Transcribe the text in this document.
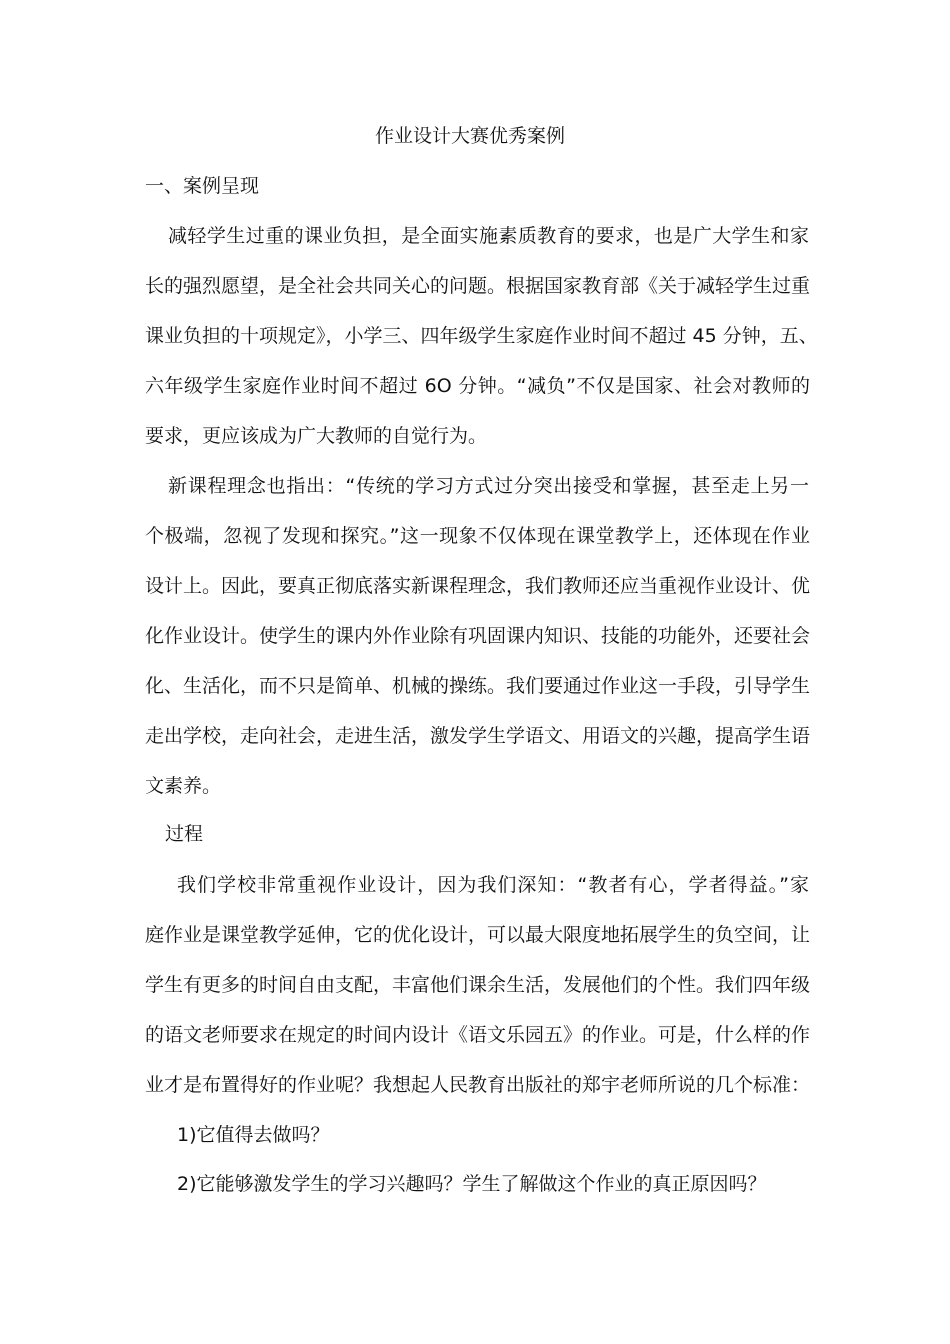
作业设计大赛优秀案例
一、案例呈现
减轻学生过重的课业负担，是全面实施素质教育的要求，也是广大学生和家
长的强烈愿望，是全社会共同关心的问题。根据国家教育部《关于减轻学生过重
课业负担的十项规定》，小学三、四年级学生家庭作业时间不超过 45 分钟，五、
六年级学生家庭作业时间不超过 6O 分钟。“减负”不仅是国家、社会对教师的
要求，更应该成为广大教师的自觉行为。
新课程理念也指出：“传统的学习方式过分突出接受和掌握，甚至走上另一
个极端，忽视了发现和探究。”这一现象不仅体现在课堂教学上，还体现在作业
设计上。因此，要真正彻底落实新课程理念，我们教师还应当重视作业设计、优
化作业设计。使学生的课内外作业除有巩固课内知识、技能的功能外，还要社会
化、生活化，而不只是简单、机械的操练。我们要通过作业这一手段，引导学生
走出学校，走向社会，走进生活，激发学生学语文、用语文的兴趣，提高学生语
文素养。
过程
我们学校非常重视作业设计，因为我们深知：“教者有心，学者得益。”家
庭作业是课堂教学延伸，它的优化设计，可以最大限度地拓展学生的负空间，让
学生有更多的时间自由支配，丰富他们课余生活，发展他们的个性。我们四年级
的语文老师要求在规定的时间内设计《语文乐园五》的作业。可是，什么样的作
业才是布置得好的作业呢？我想起人民教育出版社的郑宇老师所说的几个标准：
1)它值得去做吗？
2)它能够激发学生的学习兴趣吗？学生了解做这个作业的真正原因吗？
